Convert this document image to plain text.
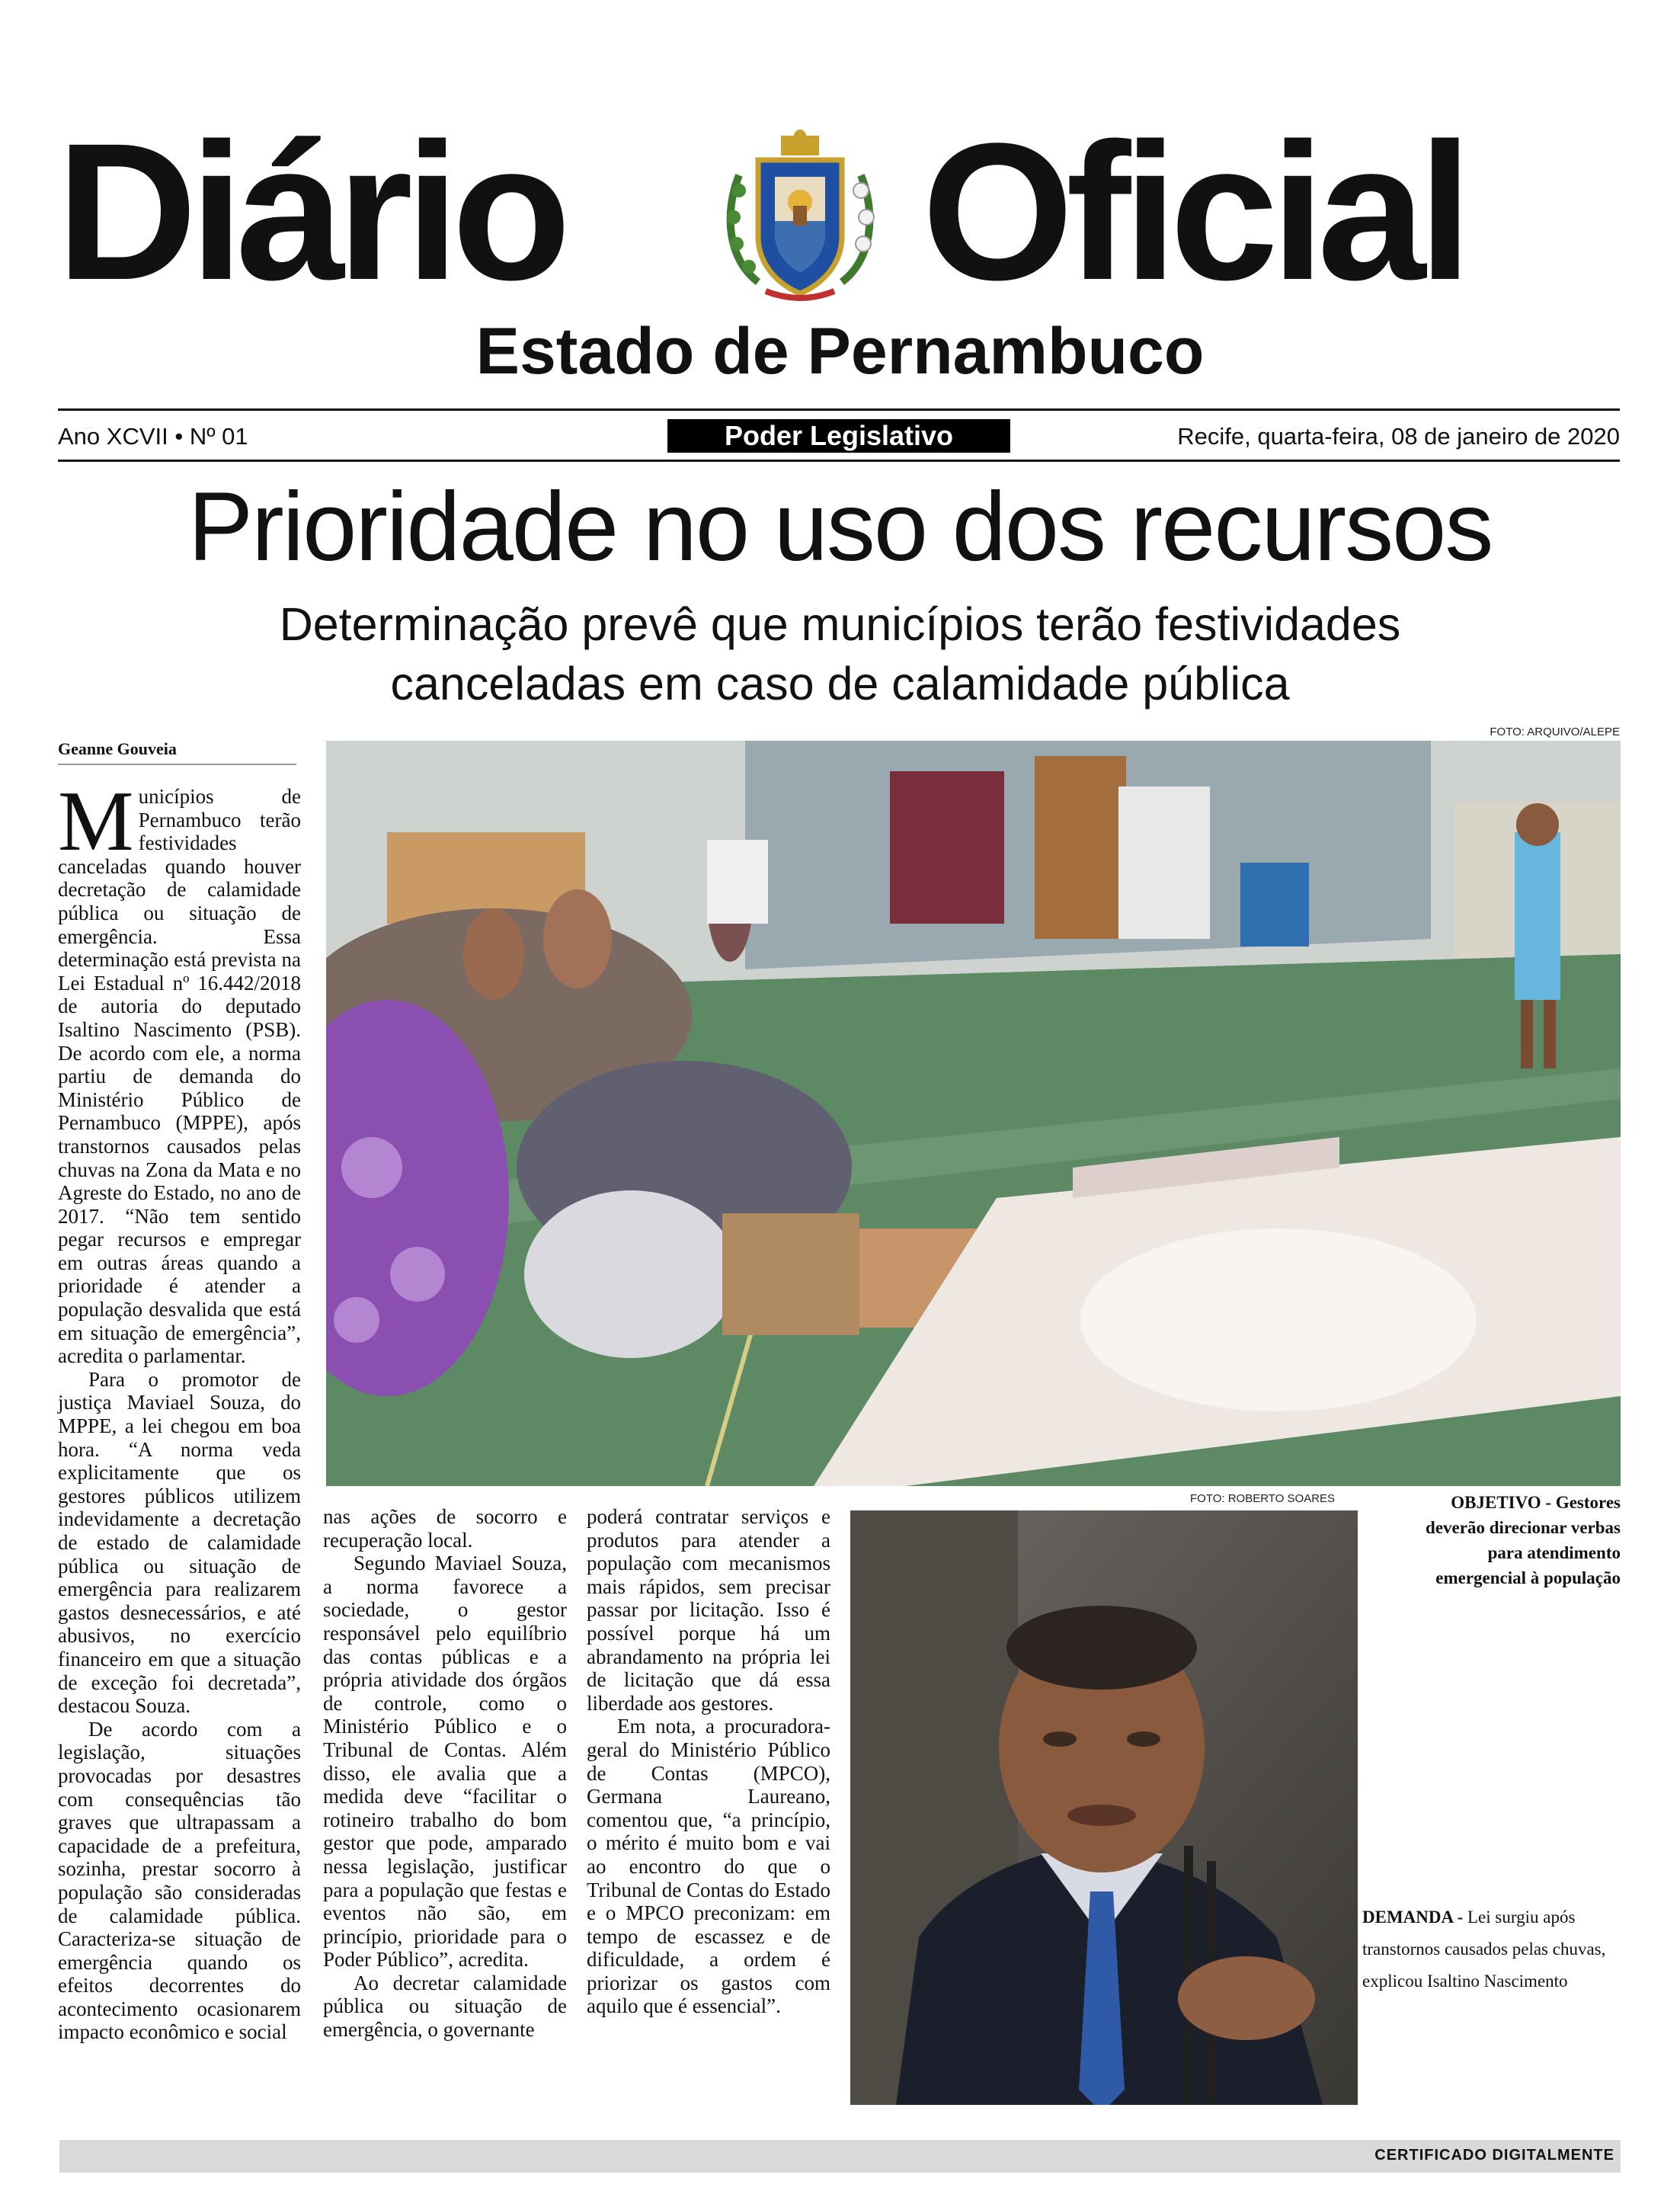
Diário Oficial
Estado de Pernambuco
Ano XCVII • Nº 01	Poder Legislativo	Recife, quarta-feira, 08 de janeiro de 2020
Prioridade no uso dos recursos
Determinação prevê que municípios terão festividades
canceladas em caso de calamidade pública
Geanne Gouveia

Municípios de Pernambuco terão festividades canceladas quando houver decretação de calamidade pública ou situação de emergência. Essa determinação está prevista na Lei Estadual nº 16.442/2018 de autoria do deputado Isaltino Nascimento (PSB). De acordo com ele, a norma partiu de demanda do Ministério Público de Pernambuco (MPPE), após transtornos causados pelas chuvas na Zona da Mata e no Agreste do Estado, no ano de 2017. “Não tem sentido pegar recursos e empregar em outras áreas quando a prioridade é atender a população desvalida que está em situação de emergência”, acredita o parlamentar.

Para o promotor de justiça Maviael Souza, do MPPE, a lei chegou em boa hora. “A norma veda explicitamente que os gestores públicos utilizem indevidamente a decretação de estado de calamidade pública ou situação de emergência para realizarem gastos desnecessários, e até abusivos, no exercício financeiro em que a situação de exceção foi decretada”, destacou Souza.

De acordo com a legislação, situações provocadas por desastres com consequências tão graves que ultrapassam a capacidade de a prefeitura, sozinha, prestar socorro à população são consideradas de calamidade pública. Caracteriza-se situação de emergência quando os efeitos decorrentes do acontecimento ocasionarem impacto econômico e social

FOTO: ARQUIVO/ALEPE
OBJETIVO - Gestores deverão direcionar verbas para atendimento emergencial à população

nas ações de socorro e recuperação local.

Segundo Maviael Souza, a norma favorece a sociedade, o gestor responsável pelo equilíbrio das contas públicas e a própria atividade dos órgãos de controle, como o Ministério Público e o Tribunal de Contas. Além disso, ele avalia que a medida deve “facilitar o rotineiro trabalho do bom gestor que pode, amparado nessa legislação, justificar para a população que festas e eventos não são, em princípio, prioridade para o Poder Público”, acredita.

Ao decretar calamidade pública ou situação de emergência, o governante

poderá contratar serviços e produtos para atender a população com mecanismos mais rápidos, sem precisar passar por licitação. Isso é possível porque há um abrandamento na própria lei de licitação que dá essa liberdade aos gestores.

Em nota, a procuradora-geral do Ministério Público de Contas (MPCO), Germana Laureano, comentou que, “a princípio, o mérito é muito bom e vai ao encontro do que o Tribunal de Contas do Estado e o MPCO preconizam: em tempo de escassez e de dificuldade, a ordem é priorizar os gastos com aquilo que é essencial”.

FOTO: ROBERTO SOARES
DEMANDA - Lei surgiu após transtornos causados pelas chuvas, explicou Isaltino Nascimento
CERTIFICADO DIGITALMENTE
